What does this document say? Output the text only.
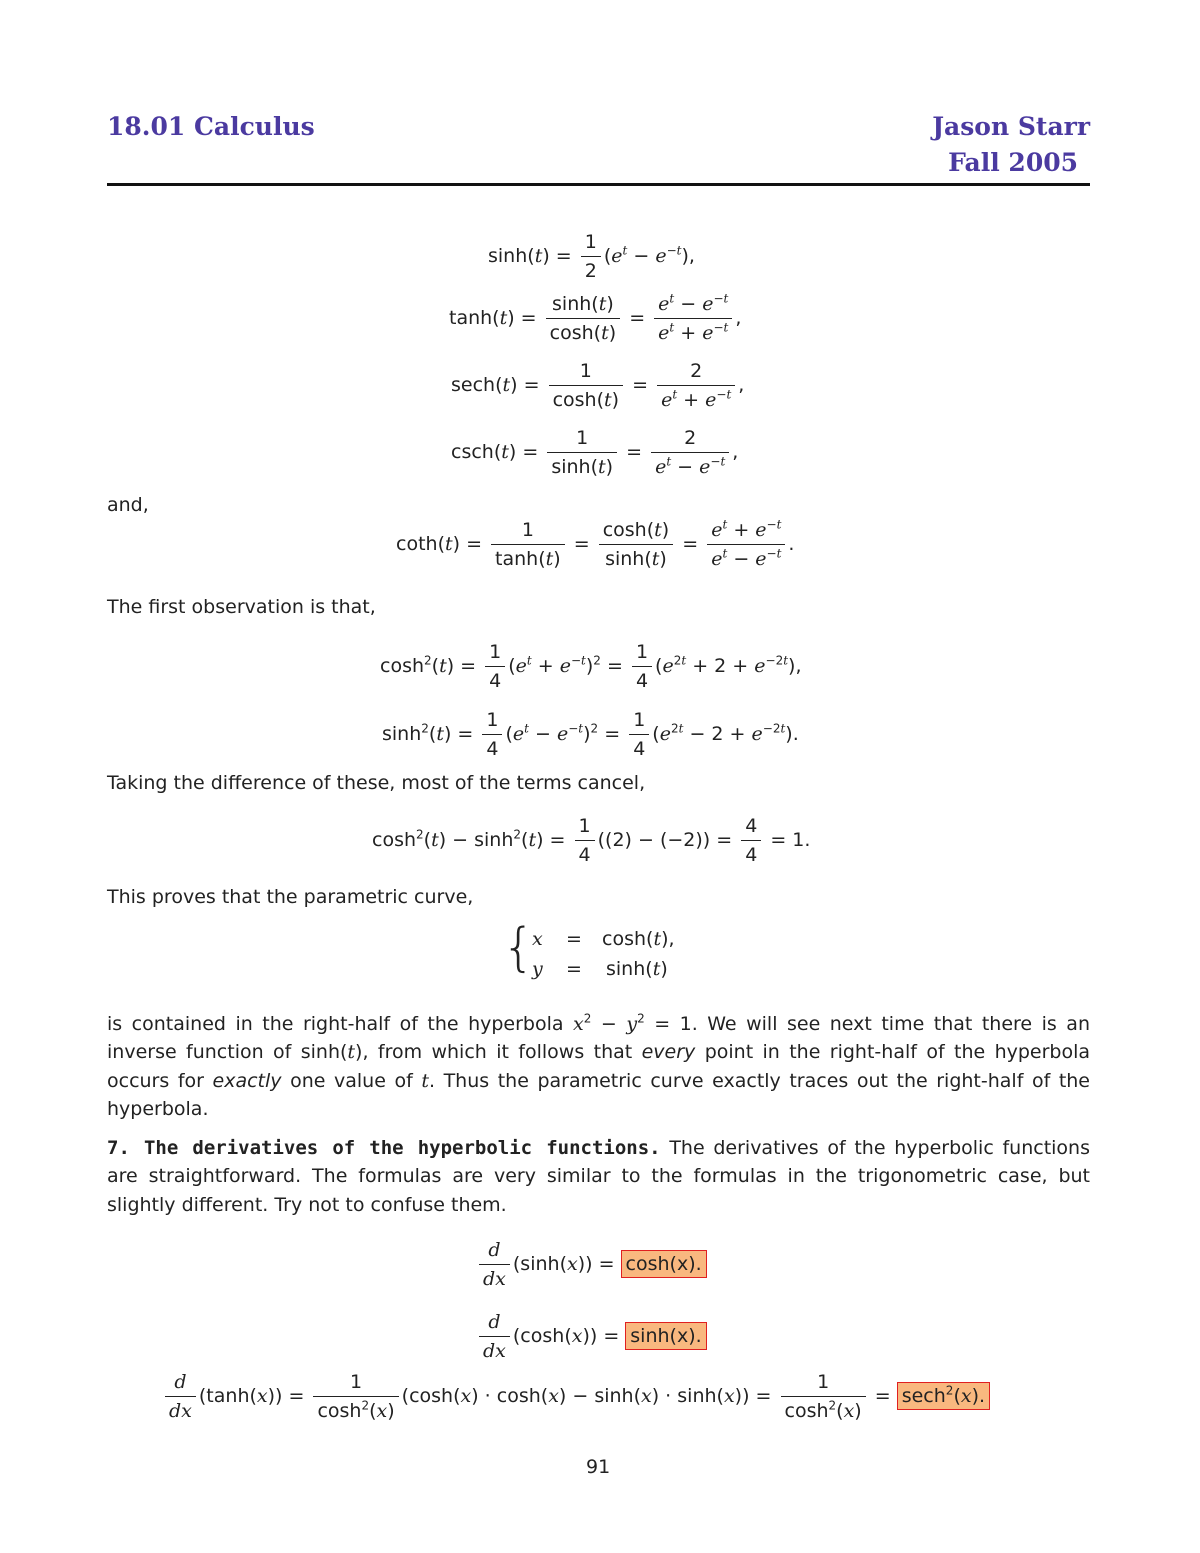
18.01 Calculus	Jason Starr
Fall 2005
$\sinh(t) = \frac{1}{2} (e^t - e^{-t})$,
$\tanh(t) = \frac{\sinh(t)}{\cosh(t)} = \frac{e^t - e^{-t}}{e^t + e^{-t}}$ ,
$\sec h(t) = \frac{1}{\cosh(t)} = \frac{2}{e^t + e^{-t}}$ ,
$\csc h(t) = \frac{1}{\sinh(t)} = \frac{2}{e^t - e^{-t}}$ ,
and,
$\cot h(t) = \frac{1}{\tanh(t)} = \frac{\cosh(t)}{\sinh(t)} = \frac{e^t + e^{-t}}{e^t - e^{-t}}$ .
The first observation is that,
$\cosh^2(t) = \frac{1}{4} (e^t + e^{-t})^2 = \frac{1}{4} (e^{2t} + 2 + e^{-2t})$,
$\sinh^2(t) = \frac{1}{4} (e^t - e^{-t})^2 = \frac{1}{4} (e^{2t} - 2 + e^{-2t})$.
Taking the difference of these, most of the terms cancel,
$\cosh^2(t) - \sinh^2(t) = \frac{1}{4} ((2) - (-2)) = \frac{4}{4} = 1$.
This proves that the parametric curve,
{
x = cosh(t),
y = sinh(t)
is contained in the right-half of the hyperbola $x^2 - y^2 = 1$. We will see next time that there is an inverse function of sinh(t), from which it follows that every point in the right-half of the hyperbola occurs for exactly one value of t. Thus the parametric curve exactly traces out the right-half of the hyperbola.
7. The derivatives of the hyperbolic functions. The derivatives of the hyperbolic functions are straightforward. The formulas are very similar to the formulas in the trigonometric case, but slightly different. Try not to confuse them.
$\frac{d}{dx} (\sinh(x)) = \cosh(x)$.
$\frac{d}{dx} (\cosh(x)) = \sinh(x)$.
$\frac{d}{dx} (\tanh(x)) = \frac{1}{\cosh^2(x)} (\cosh(x) \cdot \cosh(x) - \sinh(x) \cdot \sinh(x)) = \frac{1}{\cosh^2(x)} = \sec h^2(x)$.
91
